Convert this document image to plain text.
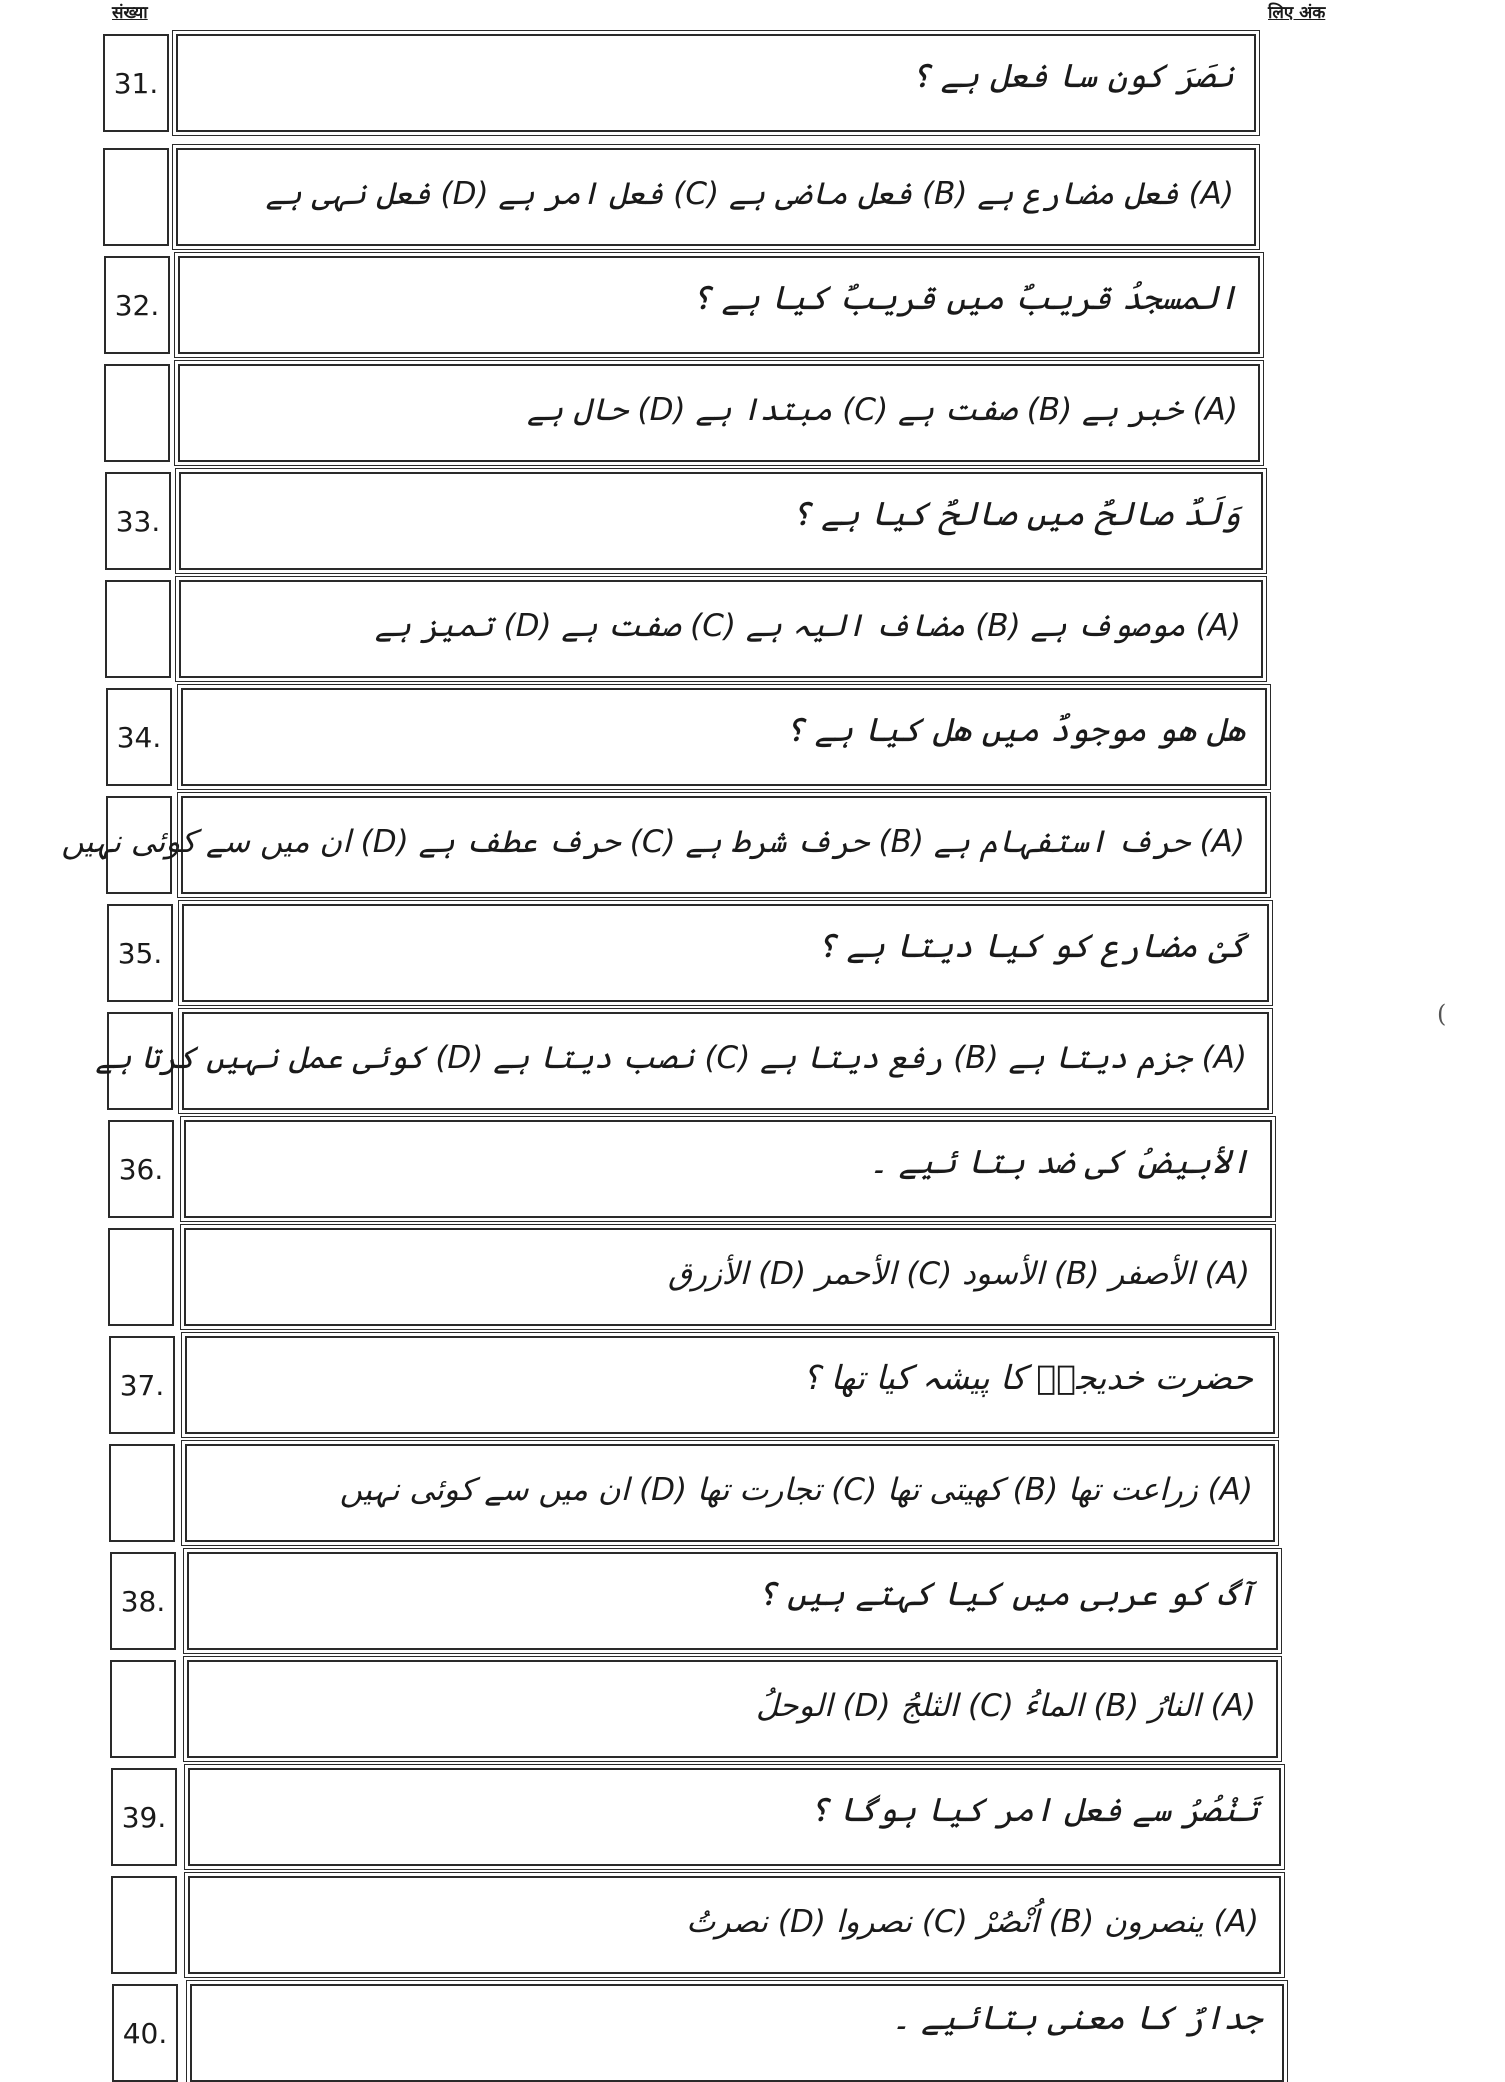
संख्या	लिए अंक
31.	نصَرَ کون سا فعل ہے ؟
(A) فعل مضارع ہے (B) فعل ماضی ہے (C) فعل امر ہے (D) فعل نہی ہے
32.	المسجدُ قریبٌ میں قریبٌ کیا ہے ؟
(A) خبر ہے (B) صفت ہے (C) مبتدا ہے (D) حال ہے
33.	وَلَدٌ صالحٌ میں صالحٌ کیا ہے ؟
(A) موصوف ہے (B) مضاف الیہ ہے (C) صفت ہے (D) تمیز ہے
34.	ھل ھو موجودٌ میں ھل کیا ہے ؟
(A) حرف استفہام ہے (B) حرف شرط ہے (C) حرف عطف ہے (D) ان میں سے کوئی نہیں
35.	کَیْ مضارع کو کیا دیتا ہے ؟
(A) جزم دیتا ہے (B) رفع دیتا ہے (C) نصب دیتا ہے (D) کوئی عمل نہیں کرتا ہے
36.	الأبیضُ کی ضد بتا ئیے ۔
(A) الأصفر (B) الأسود (C) الأحمر (D) الأزرق
37.	حضرت خدیجہؓ کا پیشہ کیا تھا ؟
(A) زراعت تھا (B) کھیتی تھا (C) تجارت تھا (D) ان میں سے کوئی نہیں
38.	آگ کو عربی میں کیا کہتے ہیں ؟
(A) النارُ (B) الماءُ (C) الثلجُ (D) الوحلُ
39.	تَنْصُرُ سے فعل امر کیا ہوگا ؟
(A) ینصرون (B) اُنْصُرْ (C) نصروا (D) نصرتُ
40.	جدارٌ کا معنی بتائیے ۔
(
